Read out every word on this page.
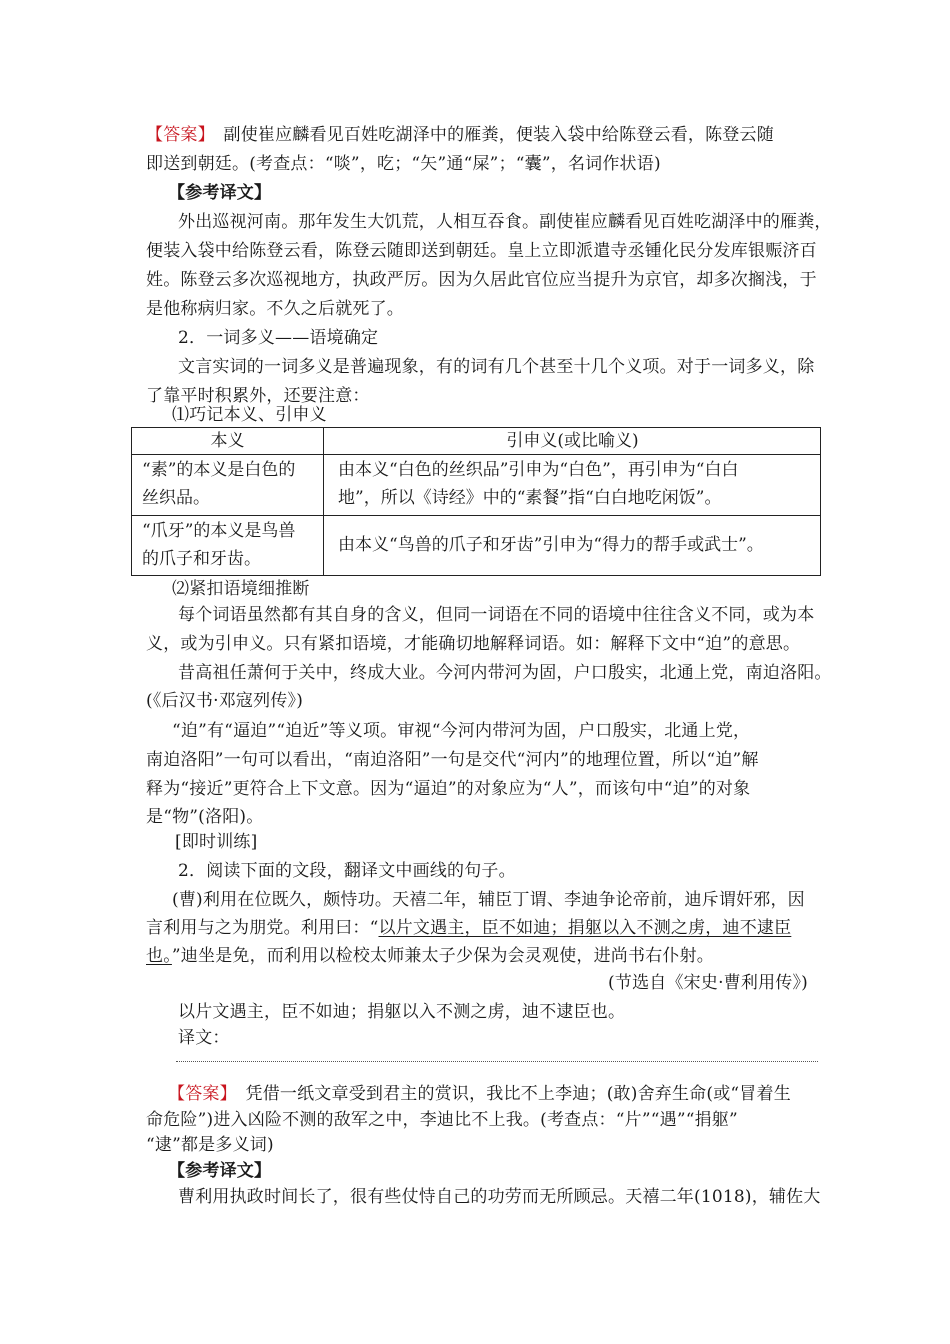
【答案】　副使崔应麟看见百姓吃湖泽中的雁粪，便装入袋中给陈登云看，陈登云随
即送到朝廷。(考查点：“啖”，吃；“矢”通“屎”；“囊”，名词作状语)
【参考译文】
外出巡视河南。那年发生大饥荒，人相互吞食。副使崔应麟看见百姓吃湖泽中的雁粪，
便装入袋中给陈登云看，陈登云随即送到朝廷。皇上立即派遣寺丞锺化民分发库银赈济百
姓。陈登云多次巡视地方，执政严厉。因为久居此官位应当提升为京官，却多次搁浅，于
是他称病归家。不久之后就死了。
2．一词多义——语境确定
文言实词的一词多义是普遍现象，有的词有几个甚至十几个义项。对于一词多义，除
了靠平时积累外，还要注意：
⑴巧记本义、引申义
本义	引申义(或比喻义)
“素”的本义是白色的
丝织品。
由本义“白色的丝织品”引申为“白色”，再引申为“白白
地”，所以《诗经》中的“素餐”指“白白地吃闲饭”。
“爪牙”的本义是鸟兽
的爪子和牙齿。
由本义“鸟兽的爪子和牙齿”引申为“得力的帮手或武士”。
⑵紧扣语境细推断
每个词语虽然都有其自身的含义，但同一词语在不同的语境中往往含义不同，或为本
义，或为引申义。只有紧扣语境，才能确切地解释词语。如：解释下文中“迫”的意思。
昔高祖任萧何于关中，终成大业。今河内带河为固，户口殷实，北通上党，南迫洛阳。
(《后汉书·邓寇列传》)
“迫”有“逼迫”“迫近”等义项。审视“今河内带河为固，户口殷实，北通上党，
南迫洛阳”一句可以看出，“南迫洛阳”一句是交代“河内”的地理位置，所以“迫”解
释为“接近”更符合上下文意。因为“逼迫”的对象应为“人”，而该句中“迫”的对象
是“物”(洛阳)。
[即时训练]
2．阅读下面的文段，翻译文中画线的句子。
(曹)利用在位既久，颇恃功。天禧二年，辅臣丁谓、李迪争论帝前，迪斥谓奸邪，因
言利用与之为朋党。利用曰：“以片文遇主，臣不如迪；捐躯以入不测之虏，迪不逮臣
也。”迪坐是免，而利用以检校太师兼太子少保为会灵观使，进尚书右仆射。
(节选自《宋史·曹利用传》)
以片文遇主，臣不如迪；捐躯以入不测之虏，迪不逮臣也。
译文：
【答案】　凭借一纸文章受到君主的赏识，我比不上李迪；(敢)舍弃生命(或“冒着生
命危险”)进入凶险不测的敌军之中，李迪比不上我。(考查点：“片”“遇”“捐躯”
“逮”都是多义词)
【参考译文】
曹利用执政时间长了，很有些仗恃自己的功劳而无所顾忌。天禧二年(1018)，辅佐大
